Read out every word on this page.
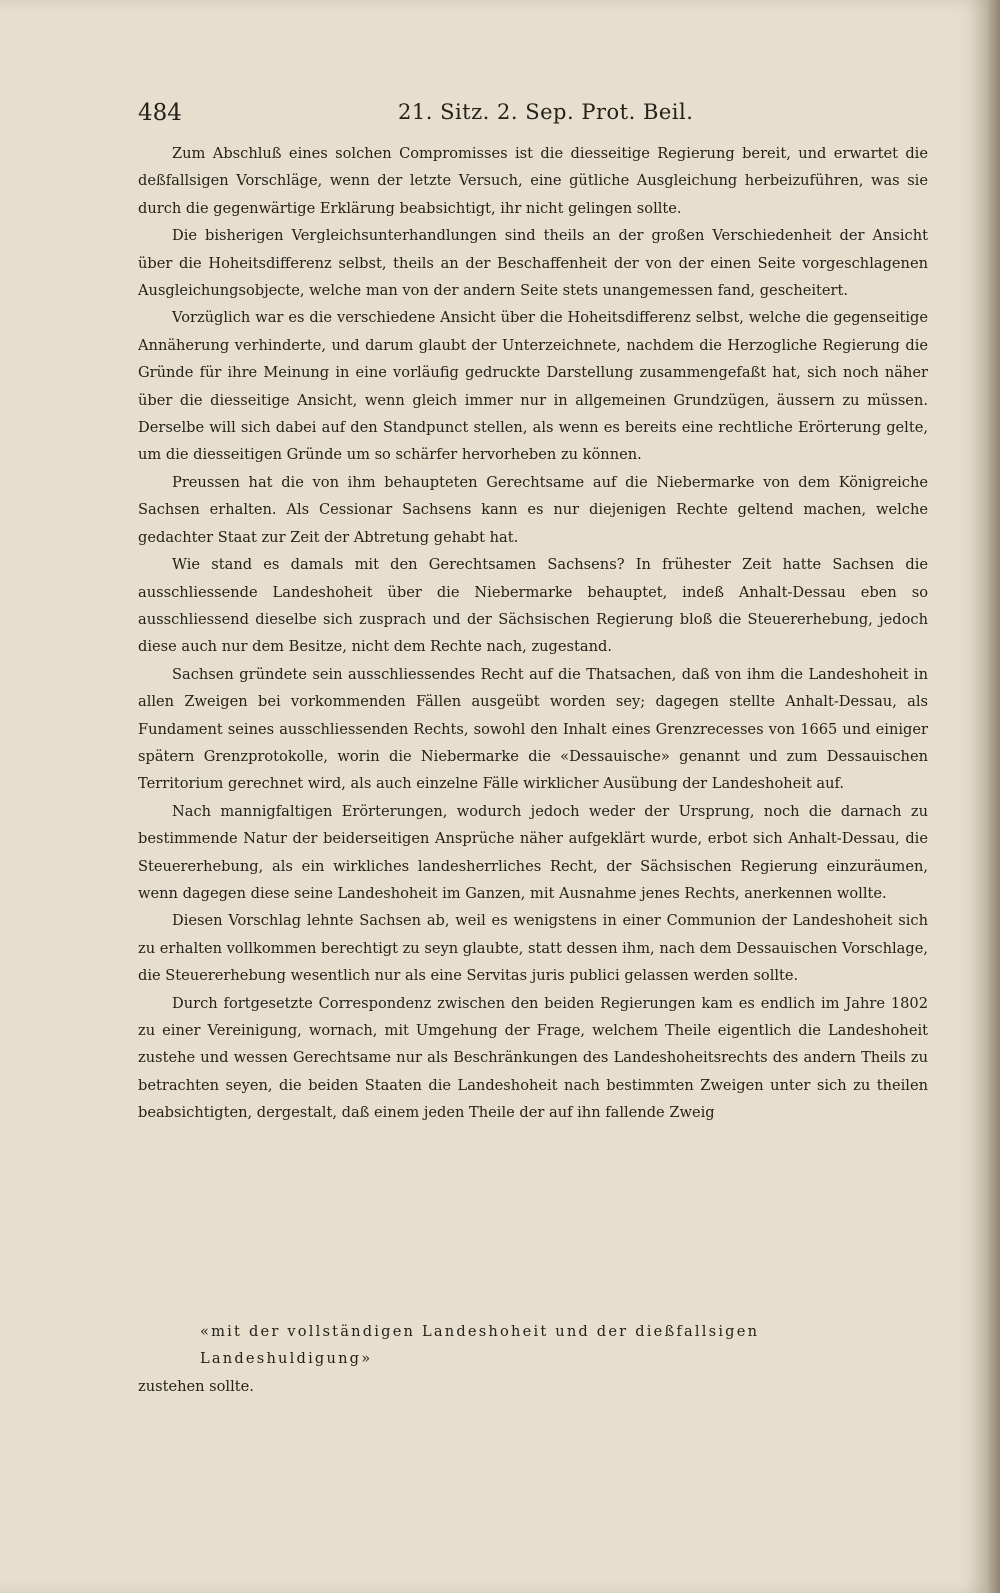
484	21. Sitz. 2. Sep. Prot. Beil.

Zum Abschluß eines solchen Compromisses ist die diesseitige Regierung bereit, und erwartet die deßfallsigen Vorschläge, wenn der letzte Versuch, eine gütliche Ausgleichung herbeizuführen, was sie durch die gegenwärtige Erklärung beabsichtigt, ihr nicht gelingen sollte.

Die bisherigen Vergleichsunterhandlungen sind theils an der großen Verschiedenheit der Ansicht über die Hoheitsdifferenz selbst, theils an der Beschaffenheit der von der einen Seite vorgeschlagenen Ausgleichungsobjecte, welche man von der andern Seite stets unangemessen fand, gescheitert.

Vorzüglich war es die verschiedene Ansicht über die Hoheitsdifferenz selbst, welche die gegenseitige Annäherung verhinderte, und darum glaubt der Unterzeichnete, nachdem die Herzogliche Regierung die Gründe für ihre Meinung in eine vorläufig gedruckte Darstellung zusammengefaßt hat, sich noch näher über die diesseitige Ansicht, wenn gleich immer nur in allgemeinen Grundzügen, äussern zu müssen. Derselbe will sich dabei auf den Standpunct stellen, als wenn es bereits eine rechtliche Erörterung gelte, um die diesseitigen Gründe um so schärfer hervorheben zu können.

Preussen hat die von ihm behaupteten Gerechtsame auf die Niebermarke von dem Königreiche Sachsen erhalten. Als Cessionar Sachsens kann es nur diejenigen Rechte geltend machen, welche gedachter Staat zur Zeit der Abtretung gehabt hat.

Wie stand es damals mit den Gerechtsamen Sachsens? In frühester Zeit hatte Sachsen die ausschliessende Landeshoheit über die Niebermarke behauptet, indeß Anhalt-Dessau eben so ausschliessend dieselbe sich zusprach und der Sächsischen Regierung bloß die Steuererhebung, jedoch diese auch nur dem Besitze, nicht dem Rechte nach, zugestand.

Sachsen gründete sein ausschliessendes Recht auf die Thatsachen, daß von ihm die Landeshoheit in allen Zweigen bei vorkommenden Fällen ausgeübt worden sey; dagegen stellte Anhalt-Dessau, als Fundament seines ausschliessenden Rechts, sowohl den Inhalt eines Grenzrecesses von 1665 und einiger spätern Grenzprotokolle, worin die Niebermarke die «Dessauische» genannt und zum Dessauischen Territorium gerechnet wird, als auch einzelne Fälle wirklicher Ausübung der Landeshoheit auf.

Nach mannigfaltigen Erörterungen, wodurch jedoch weder der Ursprung, noch die darnach zu bestimmende Natur der beiderseitigen Ansprüche näher aufgeklärt wurde, erbot sich Anhalt-Dessau, die Steuererhebung, als ein wirkliches landesherrliches Recht, der Sächsischen Regierung einzuräumen, wenn dagegen diese seine Landeshoheit im Ganzen, mit Ausnahme jenes Rechts, anerkennen wollte.

Diesen Vorschlag lehnte Sachsen ab, weil es wenigstens in einer Communion der Landeshoheit sich zu erhalten vollkommen berechtigt zu seyn glaubte, statt dessen ihm, nach dem Dessauischen Vorschlage, die Steuererhebung wesentlich nur als eine Servitas juris publici gelassen werden sollte.

Durch fortgesetzte Correspondenz zwischen den beiden Regierungen kam es endlich im Jahre 1802 zu einer Vereinigung, wornach, mit Umgehung der Frage, welchem Theile eigentlich die Landeshoheit zustehe und wessen Gerechtsame nur als Beschränkungen des Landeshoheitsrechts des andern Theils zu betrachten seyen, die beiden Staaten die Landeshoheit nach bestimmten Zweigen unter sich zu theilen beabsichtigten, dergestalt, daß einem jeden Theile der auf ihn fallende Zweig

«mit der vollständigen Landeshoheit und der dießfallsigen Landeshuldigung»
zustehen sollte.
